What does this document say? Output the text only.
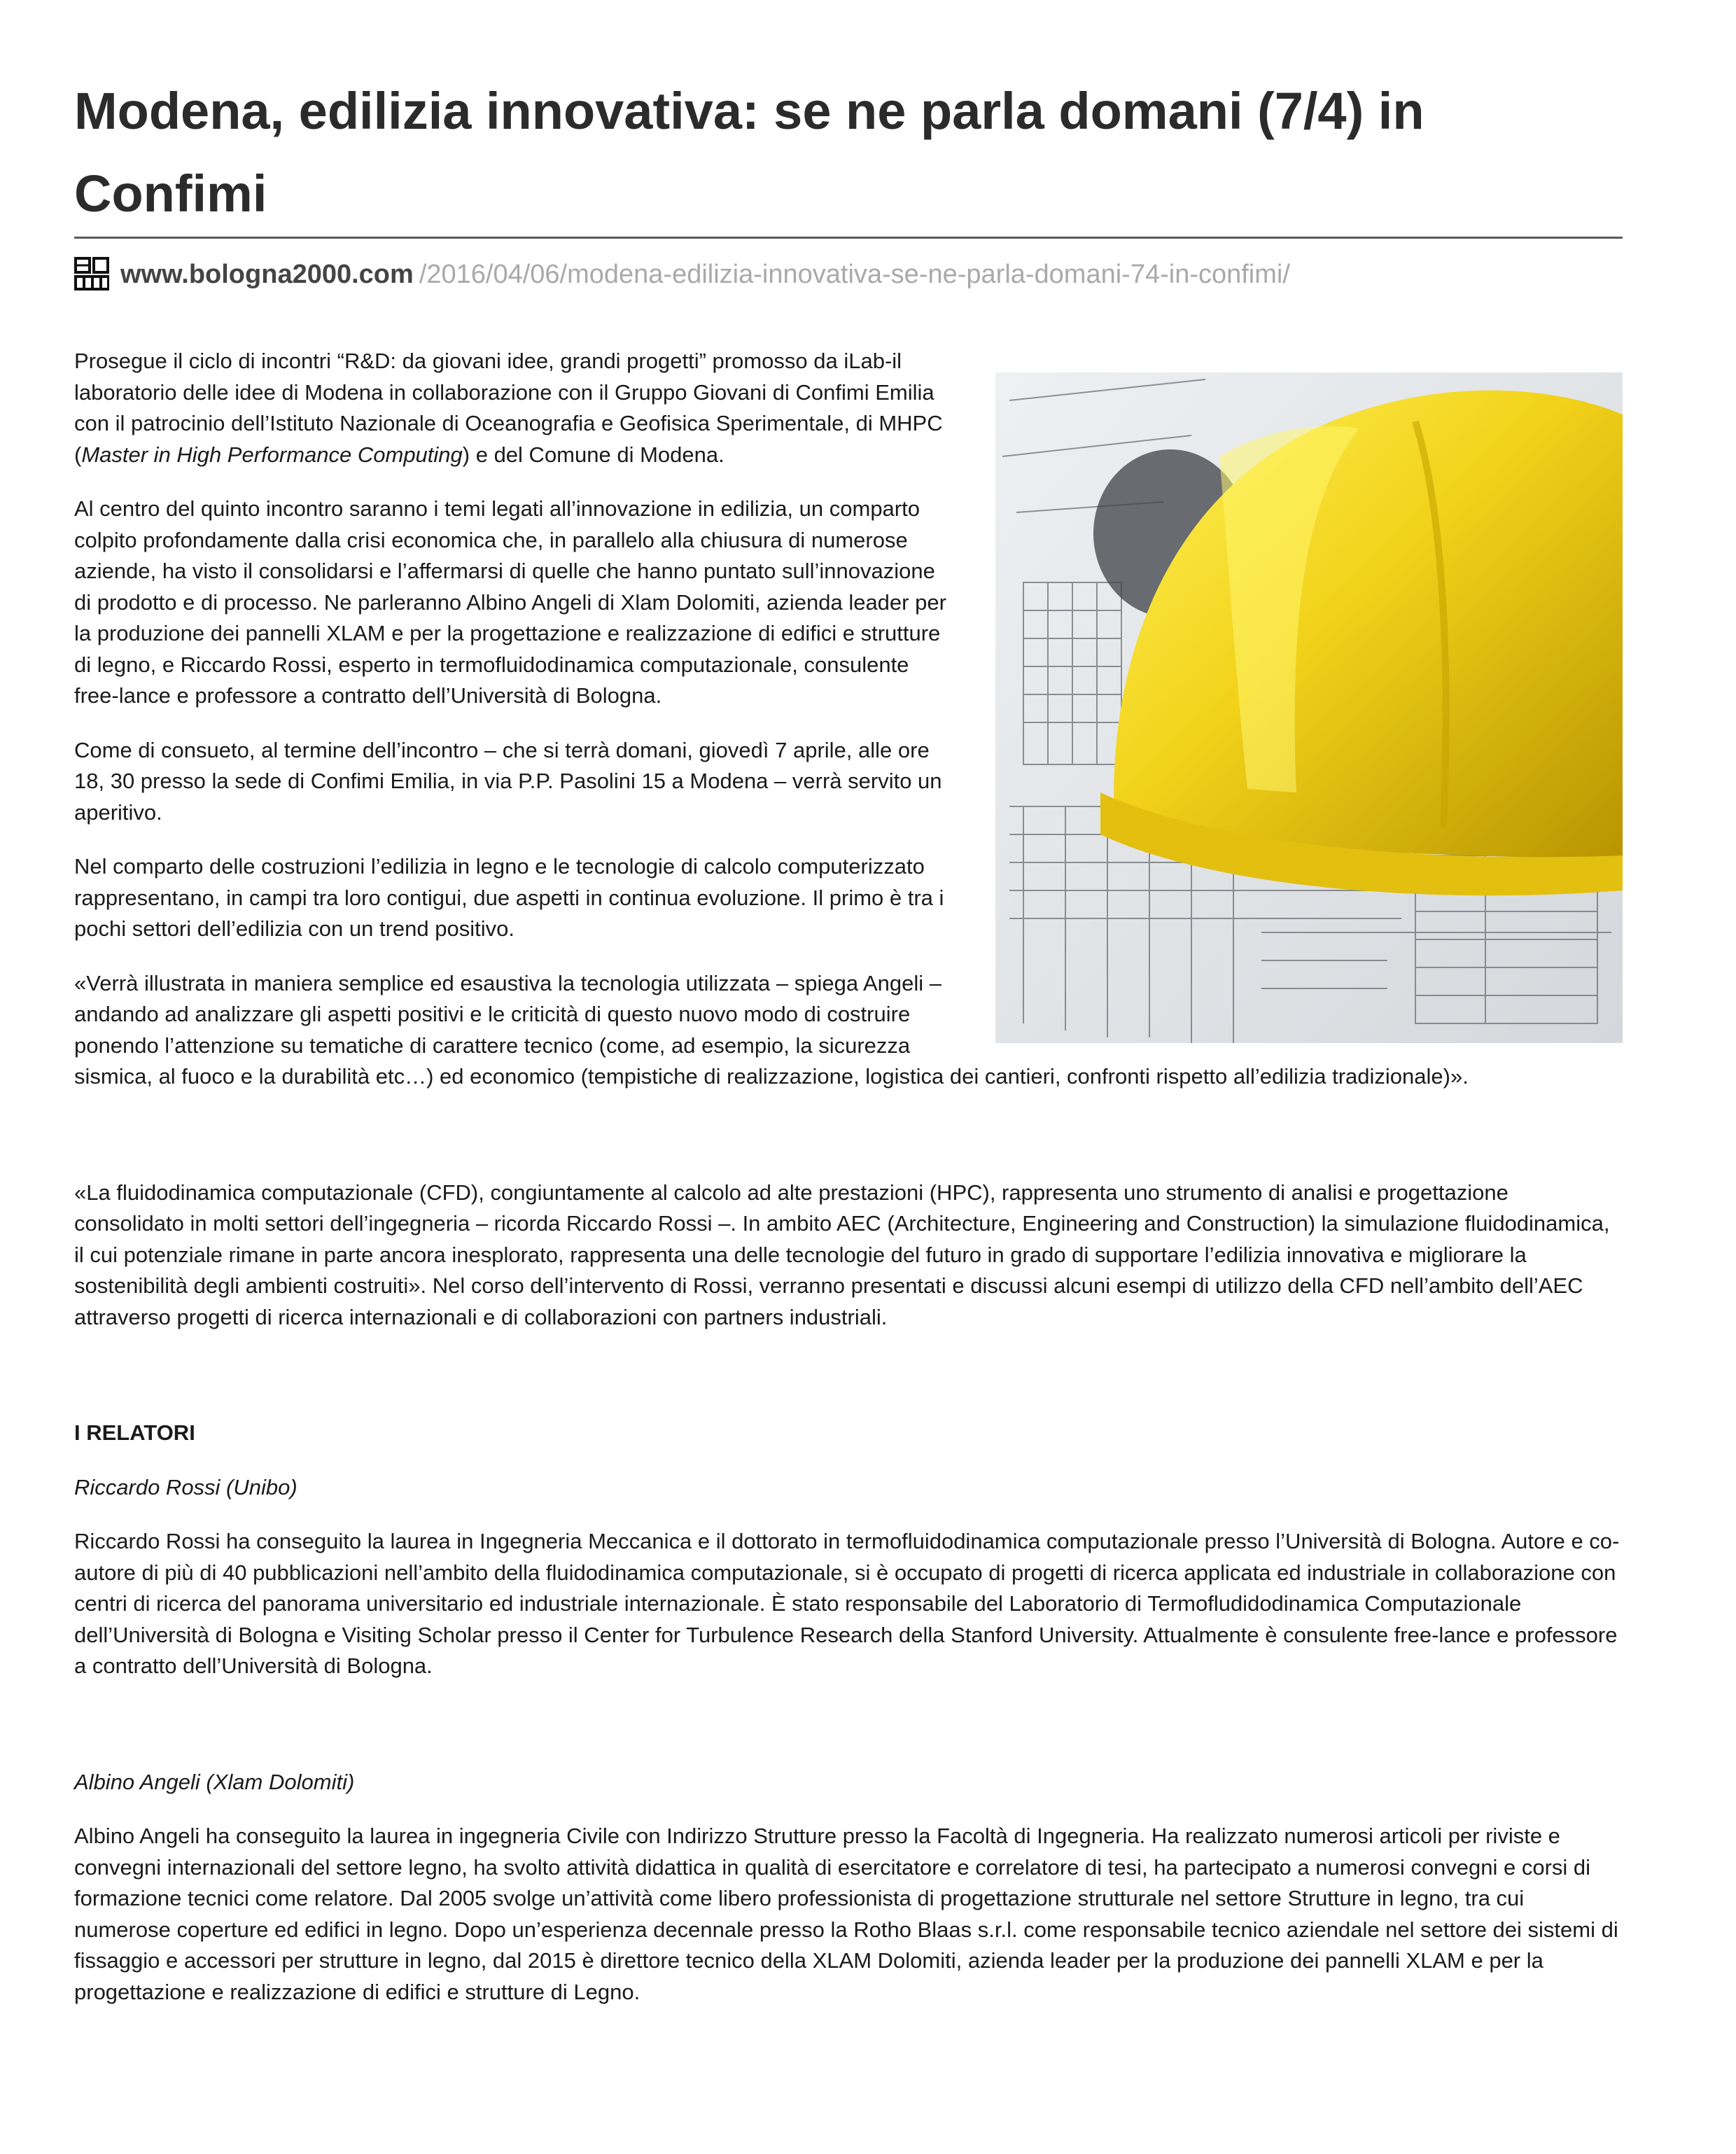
Modena, edilizia innovativa: se ne parla domani (7/4) in Confimi
www.bologna2000.com /2016/04/06/modena-edilizia-innovativa-se-ne-parla-domani-74-in-confimi/

Prosegue il ciclo di incontri “R&D: da giovani idee, grandi progetti” promosso da iLab-il laboratorio delle idee di Modena in collaborazione con il Gruppo Giovani di Confimi Emilia con il patrocinio dell’Istituto Nazionale di Oceanografia e Geofisica Sperimentale, di MHPC (Master in High Performance Computing) e del Comune di Modena.

Al centro del quinto incontro saranno i temi legati all’innovazione in edilizia, un comparto colpito profondamente dalla crisi economica che, in parallelo alla chiusura di numerose aziende, ha visto il consolidarsi e l’affermarsi di quelle che hanno puntato sull’innovazione di prodotto e di processo. Ne parleranno Albino Angeli di Xlam Dolomiti, azienda leader per la produzione dei pannelli XLAM e per la progettazione e realizzazione di edifici e strutture di legno, e Riccardo Rossi, esperto in termofluidodinamica computazionale, consulente free-lance e professore a contratto dell’Università di Bologna.

Come di consueto, al termine dell’incontro – che si terrà domani, giovedì 7 aprile, alle ore 18, 30 presso la sede di Confimi Emilia, in via P.P. Pasolini 15 a Modena – verrà servito un aperitivo.

Nel comparto delle costruzioni l’edilizia in legno e le tecnologie di calcolo computerizzato rappresentano, in campi tra loro contigui, due aspetti in continua evoluzione. Il primo è tra i pochi settori dell’edilizia con un trend positivo.

«Verrà illustrata in maniera semplice ed esaustiva la tecnologia utilizzata – spiega Angeli – andando ad analizzare gli aspetti positivi e le criticità di questo nuovo modo di costruire ponendo l’attenzione su tematiche di carattere tecnico (come, ad esempio, la sicurezza sismica, al fuoco e la durabilità etc…) ed economico (tempistiche di realizzazione, logistica dei cantieri, confronti rispetto all’edilizia tradizionale)».

«La fluidodinamica computazionale (CFD), congiuntamente al calcolo ad alte prestazioni (HPC), rappresenta uno strumento di analisi e progettazione consolidato in molti settori dell’ingegneria – ricorda Riccardo Rossi –. In ambito AEC (Architecture, Engineering and Construction) la simulazione fluidodinamica, il cui potenziale rimane in parte ancora inesplorato, rappresenta una delle tecnologie del futuro in grado di supportare l’edilizia innovativa e migliorare la sostenibilità degli ambienti costruiti». Nel corso dell’intervento di Rossi, verranno presentati e discussi alcuni esempi di utilizzo della CFD nell’ambito dell’AEC attraverso progetti di ricerca internazionali e di collaborazioni con partners industriali.

I RELATORI

Riccardo Rossi (Unibo)

Riccardo Rossi ha conseguito la laurea in Ingegneria Meccanica e il dottorato in termofluidodinamica computazionale presso l’Università di Bologna. Autore e co-autore di più di 40 pubblicazioni nell’ambito della fluidodinamica computazionale, si è occupato di progetti di ricerca applicata ed industriale in collaborazione con centri di ricerca del panorama universitario ed industriale internazionale. È stato responsabile del Laboratorio di Termofludidodinamica Computazionale dell’Università di Bologna e Visiting Scholar presso il Center for Turbulence Research della Stanford University. Attualmente è consulente free-lance e professore a contratto dell’Università di Bologna.

Albino Angeli (Xlam Dolomiti)

Albino Angeli ha conseguito la laurea in ingegneria Civile con Indirizzo Strutture presso la Facoltà di Ingegneria. Ha realizzato numerosi articoli per riviste e convegni internazionali del settore legno, ha svolto attività didattica in qualità di esercitatore e correlatore di tesi, ha partecipato a numerosi convegni e corsi di formazione tecnici come relatore. Dal 2005 svolge un’attività come libero professionista di progettazione strutturale nel settore Strutture in legno, tra cui numerose coperture ed edifici in legno. Dopo un’esperienza decennale presso la Rotho Blaas s.r.l. come responsabile tecnico aziendale nel settore dei sistemi di fissaggio e accessori per strutture in legno, dal 2015 è direttore tecnico della XLAM Dolomiti, azienda leader per la produzione dei pannelli XLAM e per la progettazione e realizzazione di edifici e strutture di Legno.
